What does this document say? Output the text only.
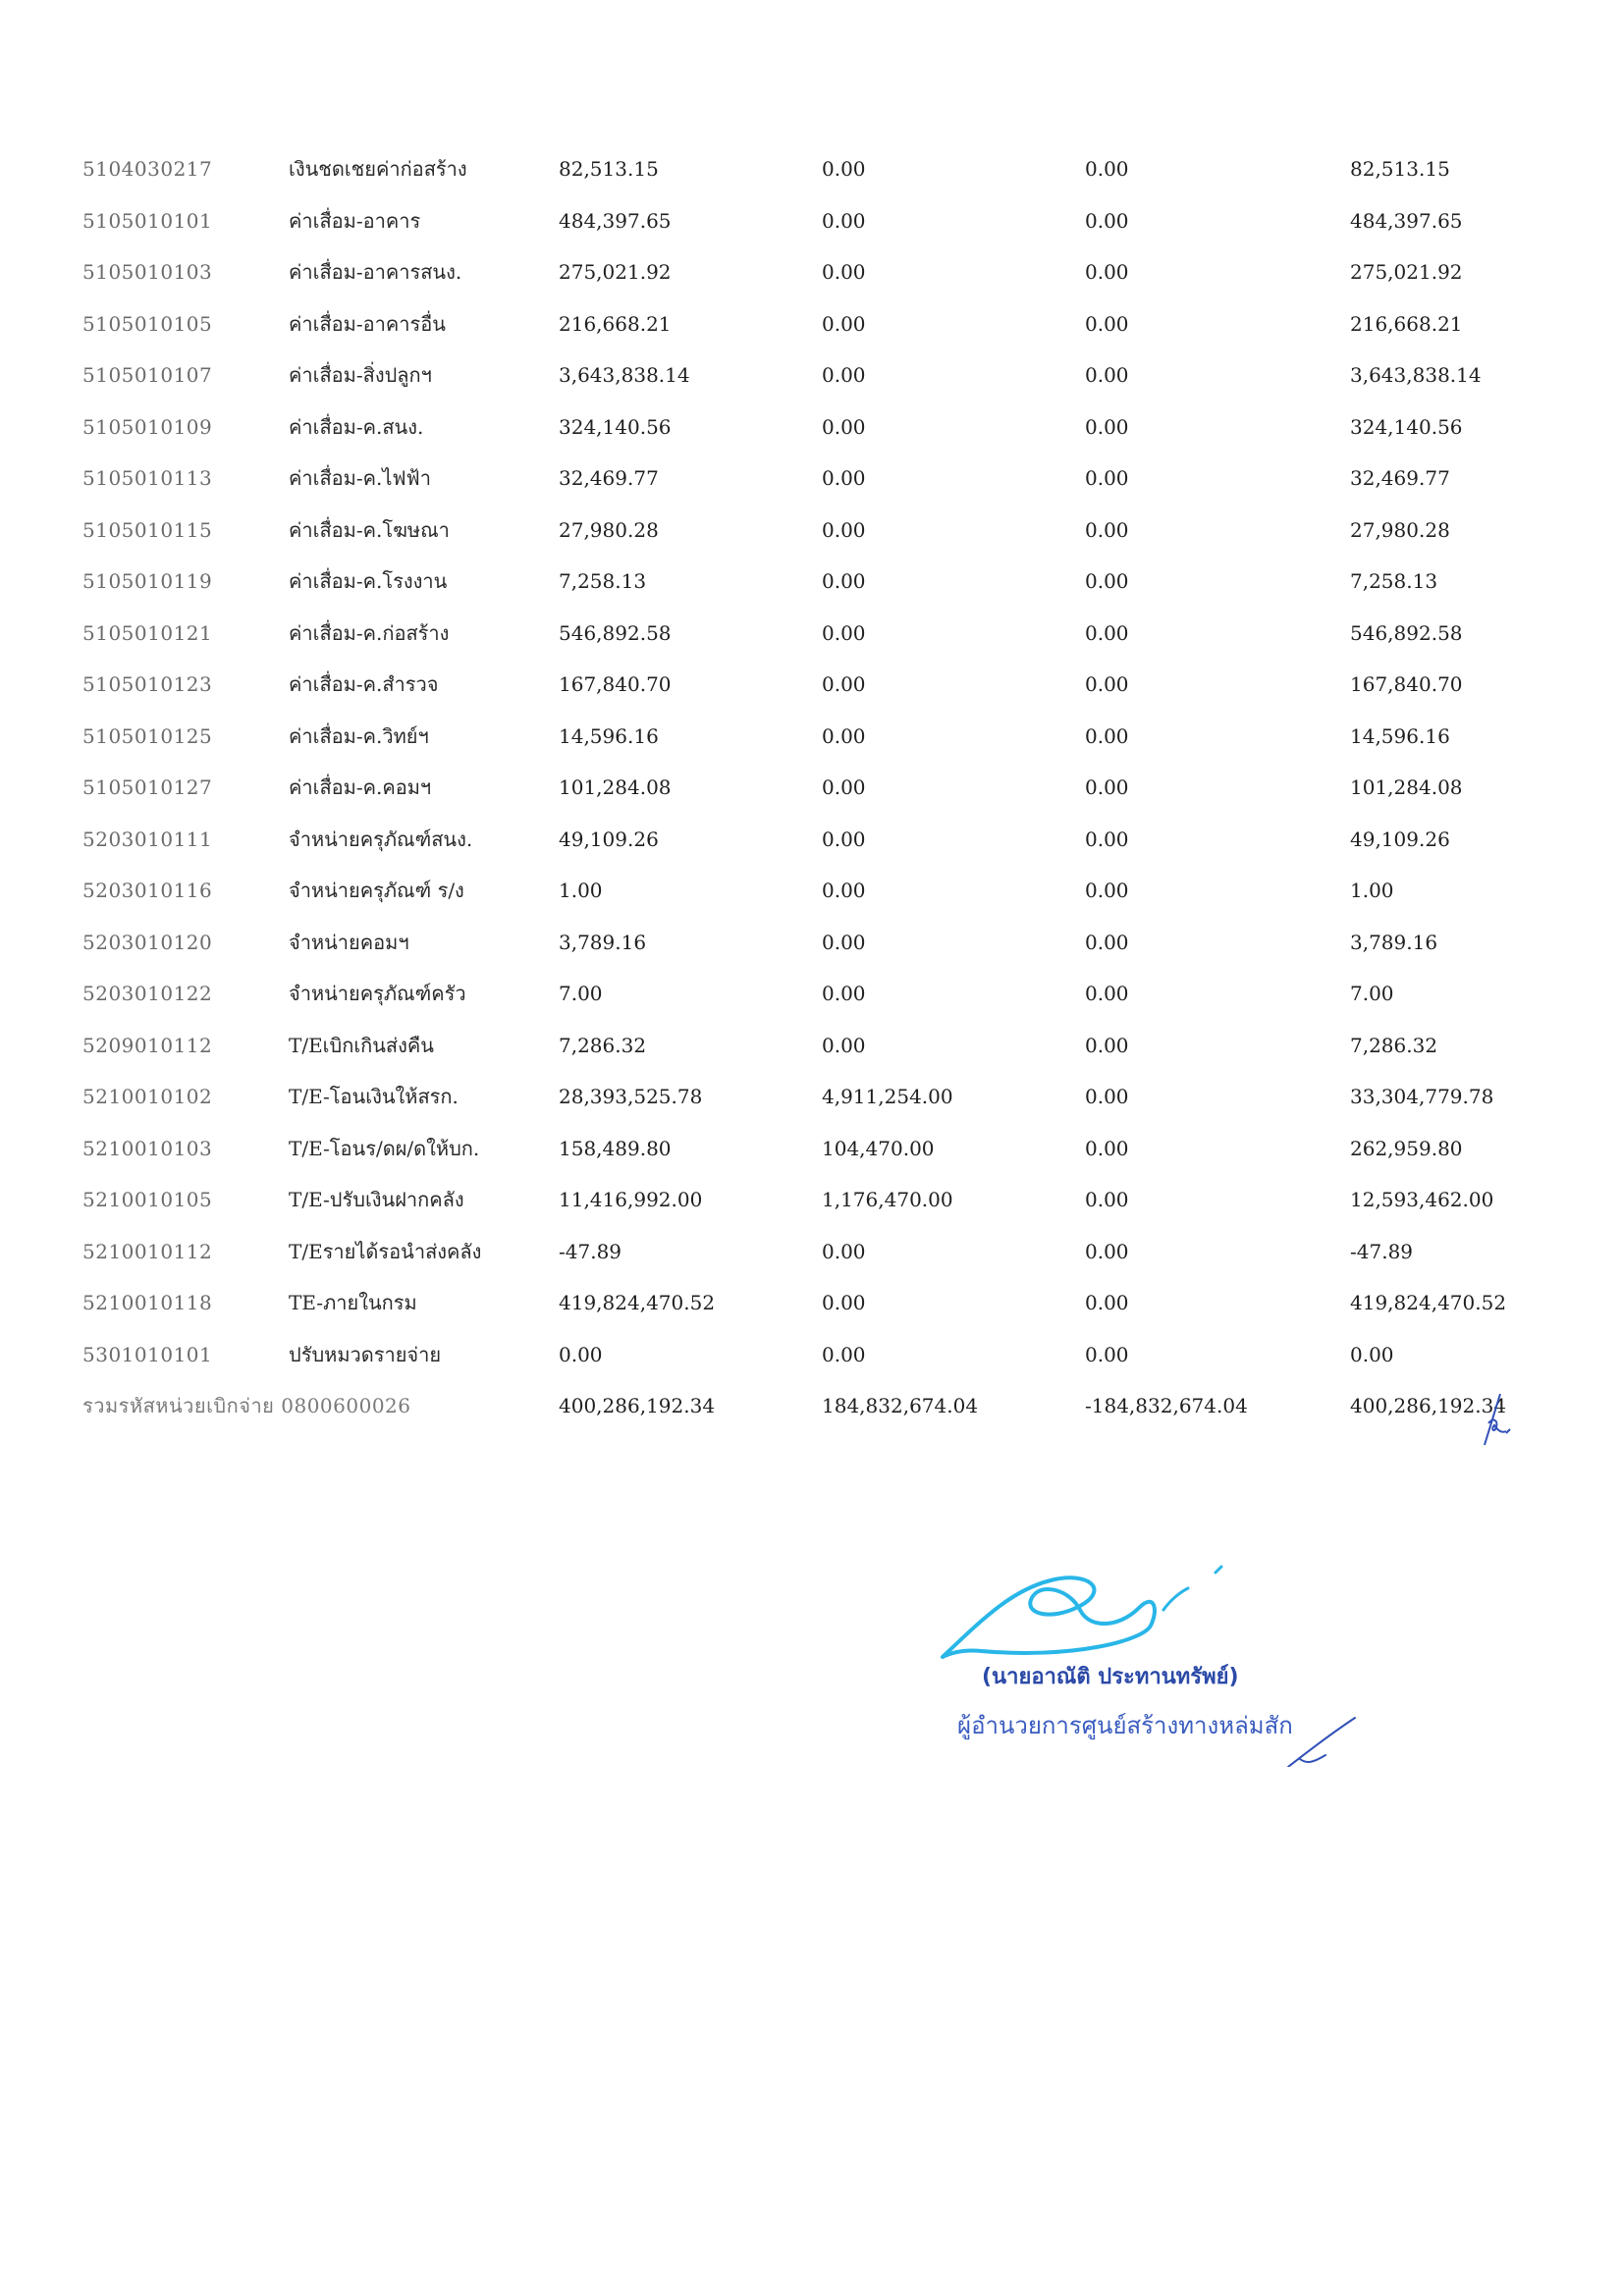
5104030217	เงินชดเชยค่าก่อสร้าง	82,513.15	0.00	0.00	82,513.15
5105010101	ค่าเสื่อม-อาคาร	484,397.65	0.00	0.00	484,397.65
5105010103	ค่าเสื่อม-อาคารสนง.	275,021.92	0.00	0.00	275,021.92
5105010105	ค่าเสื่อม-อาคารอื่น	216,668.21	0.00	0.00	216,668.21
5105010107	ค่าเสื่อม-สิ่งปลูกฯ	3,643,838.14	0.00	0.00	3,643,838.14
5105010109	ค่าเสื่อม-ค.สนง.	324,140.56	0.00	0.00	324,140.56
5105010113	ค่าเสื่อม-ค.ไฟฟ้า	32,469.77	0.00	0.00	32,469.77
5105010115	ค่าเสื่อม-ค.โฆษณา	27,980.28	0.00	0.00	27,980.28
5105010119	ค่าเสื่อม-ค.โรงงาน	7,258.13	0.00	0.00	7,258.13
5105010121	ค่าเสื่อม-ค.ก่อสร้าง	546,892.58	0.00	0.00	546,892.58
5105010123	ค่าเสื่อม-ค.สำรวจ	167,840.70	0.00	0.00	167,840.70
5105010125	ค่าเสื่อม-ค.วิทย์ฯ	14,596.16	0.00	0.00	14,596.16
5105010127	ค่าเสื่อม-ค.คอมฯ	101,284.08	0.00	0.00	101,284.08
5203010111	จำหน่ายครุภัณฑ์สนง.	49,109.26	0.00	0.00	49,109.26
5203010116	จำหน่ายครุภัณฑ์ ร/ง	1.00	0.00	0.00	1.00
5203010120	จำหน่ายคอมฯ	3,789.16	0.00	0.00	3,789.16
5203010122	จำหน่ายครุภัณฑ์ครัว	7.00	0.00	0.00	7.00
5209010112	T/Eเบิกเกินส่งคืน	7,286.32	0.00	0.00	7,286.32
5210010102	T/E-โอนเงินให้สรก.	28,393,525.78	4,911,254.00	0.00	33,304,779.78
5210010103	T/E-โอนร/ดผ/ดให้บก.	158,489.80	104,470.00	0.00	262,959.80
5210010105	T/E-ปรับเงินฝากคลัง	11,416,992.00	1,176,470.00	0.00	12,593,462.00
5210010112	T/Eรายได้รอนำส่งคลัง	-47.89	0.00	0.00	-47.89
5210010118	TE-ภายในกรม	419,824,470.52	0.00	0.00	419,824,470.52
5301010101	ปรับหมวดรายจ่าย	0.00	0.00	0.00	0.00
รวมรหัสหน่วยเบิกจ่าย 0800600026		400,286,192.34	184,832,674.04	-184,832,674.04	400,286,192.34
(นายอาณัติ ประทานทรัพย์)
ผู้อำนวยการศูนย์สร้างทางหล่มสัก
